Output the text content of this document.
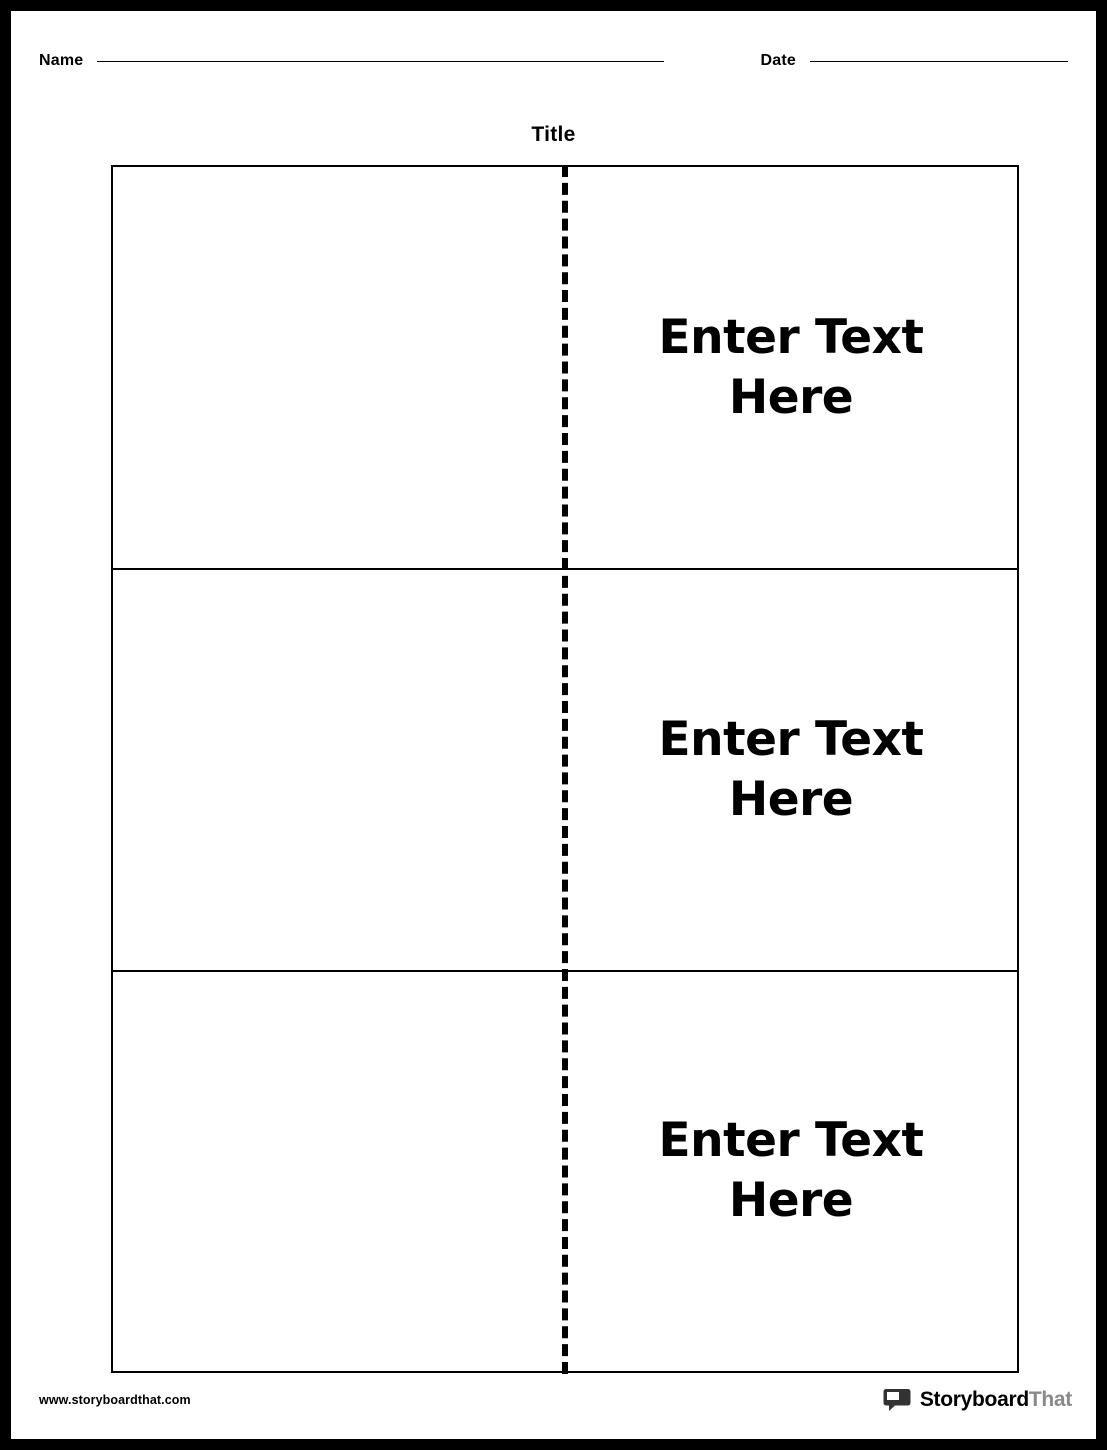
Name	Date
Title
Enter Text Here
Enter Text Here
Enter Text Here
www.storyboardthat.com	StoryboardThat
